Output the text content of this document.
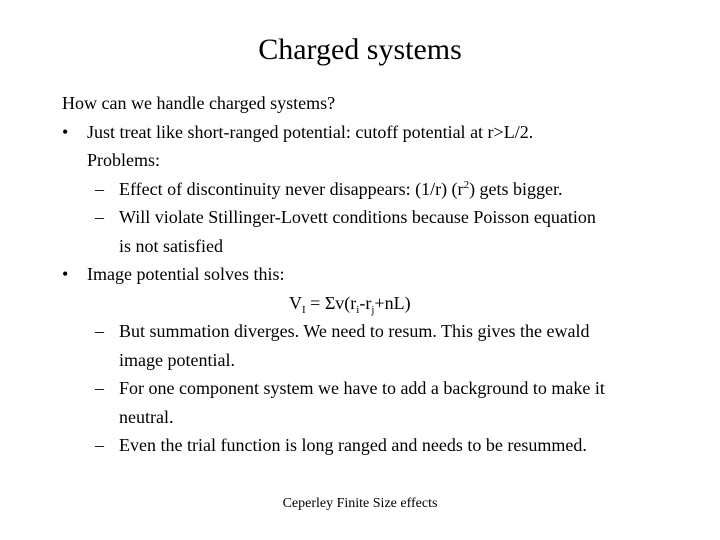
Charged systems
How can we handle charged systems?
• Just treat like short-ranged potential: cutoff potential at r>L/2.
Problems:
– Effect of discontinuity never disappears: (1/r) $(r^2)$ gets bigger.
– Will violate Stillinger-Lovett conditions because Poisson equation
is not satisfied
• Image potential solves this:
$V_I = \Sigma v(r_i-r_j+nL)$
– But summation diverges. We need to resum. This gives the ewald
image potential.
– For one component system we have to add a background to make it
neutral.
– Even the trial function is long ranged and needs to be resummed.
Ceperley Finite Size effects
